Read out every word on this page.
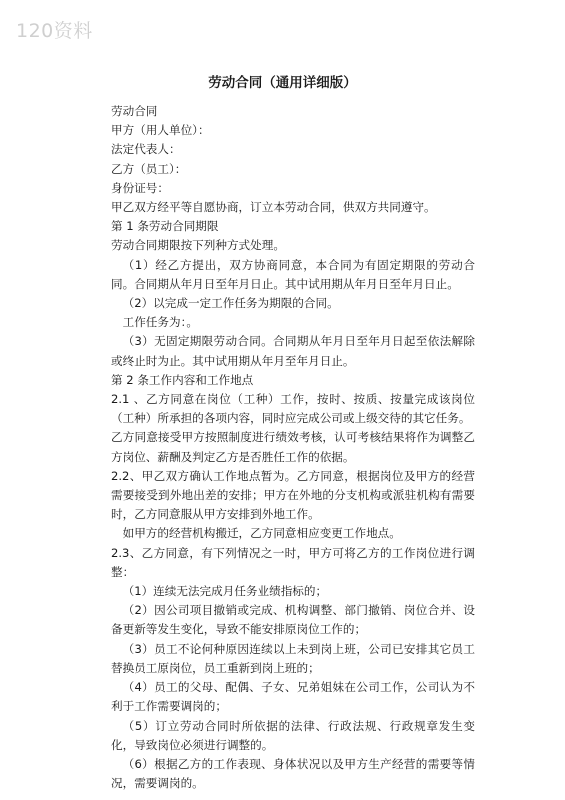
120资料
劳动合同（通用详细版）

劳动合同

甲方（用人单位）：

法定代表人：

乙方（员工）：

身份证号：

甲乙双方经平等自愿协商，订立本劳动合同，供双方共同遵守。

第 1 条劳动合同期限

劳动合同期限按下列种方式处理。

（1）经乙方提出，双方协商同意，本合同为有固定期限的劳动合同。合同期从年月日至年月日止。其中试用期从年月日至年月日止。

（2）以完成一定工作任务为期限的合同。

工作任务为：。

（3）无固定期限劳动合同。合同期从年月日至年月日起至依法解除或终止时为止。其中试用期从年月至年月日止。

第 2 条工作内容和工作地点

2.1 、乙方同意在岗位（工种）工作，按时、按质、按量完成该岗位（工种）所承担的各项内容，同时应完成公司或上级交待的其它任务。

乙方同意接受甲方按照制度进行绩效考核，认可考核结果将作为调整乙方岗位、薪酬及判定乙方是否胜任工作的依据。

2.2、甲乙双方确认工作地点暂为。乙方同意，根据岗位及甲方的经营需要接受到外地出差的安排；甲方在外地的分支机构或派驻机构有需要时，乙方同意服从甲方安排到外地工作。

如甲方的经营机构搬迁，乙方同意相应变更工作地点。

2.3、乙方同意，有下列情况之一时，甲方可将乙方的工作岗位进行调整：

（1）连续无法完成月任务业绩指标的；

（2）因公司项目撤销或完成、机构调整、部门撤销、岗位合并、设备更新等发生变化，导致不能安排原岗位工作的；

（3）员工不论何种原因连续以上未到岗上班，公司已安排其它员工替换员工原岗位，员工重新到岗上班的；

（4）员工的父母、配偶、子女、兄弟姐妹在公司工作，公司认为不利于工作需要调岗的；

（5）订立劳动合同时所依据的法律、行政法规、行政规章发生变化，导致岗位必须进行调整的。

（6）根据乙方的工作表现、身体状况以及甲方生产经营的需要等情况，需要调岗的。
